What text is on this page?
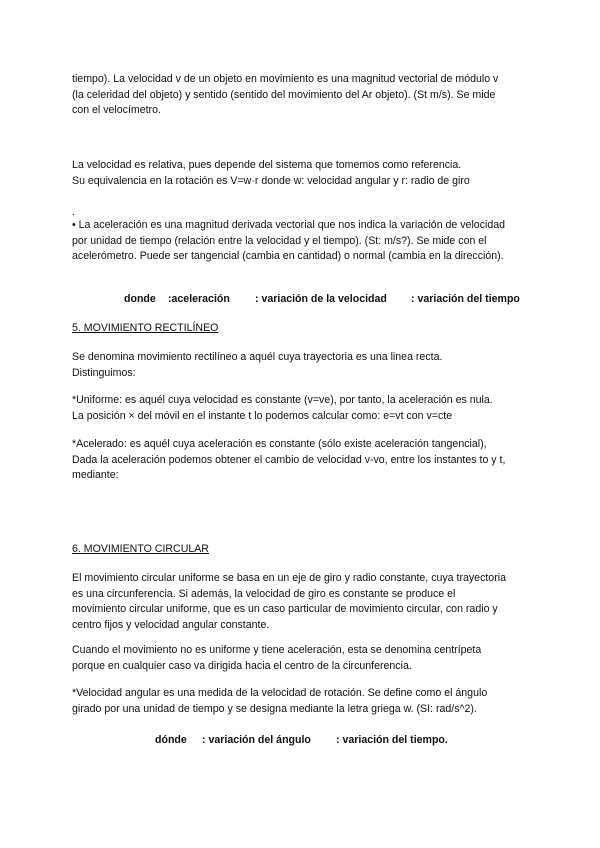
tiempo). La velocidad v de un objeto en movimiento es una magnitud vectorial de módulo v
(la celeridad del objeto) y sentido (sentido del movimiento del Ar objeto). (St m/s). Se mide
con el velocímetro.
La velocidad es relativa, pues depende del sistema que tomemos como referencia.
Su equivalencia en la rotación es V=w·r donde w: velocidad angular y r: radio de giro
.
• La aceleración es una magnitud derivada vectorial que nos indica la variación de velocidad
por unidad de tiempo (relación entre la velocidad y el tiempo). (St: m/s?). Se mide con el
acelerómetro. Puede ser tangencial (cambia en cantidad) o normal (cambia en la dirección).

donde :aceleración : variación de la velocidad : variación del tiempo

5. MOVIMIENTO RECTILÍNEO

Se denomina movimiento rectilíneo a aquél cuya trayectoria es una linea recta.
Distinguimos:
*Uniforme: es aquél cuya velocidad es constante (v=ve), por tanto, la aceleración es nula.
La posición × del móvil en el instante t lo podemos calcular como: e=vt con v=cte
*Acelerado: es aquél cuya aceleración es constante (sólo existe aceleración tangencial),
Dada la aceleración podemos obtener el cambio de velocidad v-vo, entre los instantes to y t,
mediante:

6. MOVIMIENTO CIRCULAR

El movimiento circular uniforme se basa en un eje de giro y radio constante, cuya trayectoria
es una circunferencia. Si además, la velocidad de giro es constante se produce el
movimiento circular uniforme, que es un caso particular de movimiento circular, con radio y
centro fijos y velocidad angular constante.
Cuando el movimiento no es uniforme y tiene aceleración, esta se denomina centrípeta
porque en cualquier caso va dirigida hacia el centro de la circunferencia.
*Velocidad angular es una medida de la velocidad de rotación. Se define como el ángulo
girado por una unidad de tiempo y se designa mediante la letra griega w. (SI: rad/s^2).

dónde : variación del ángulo : variación del tiempo.
